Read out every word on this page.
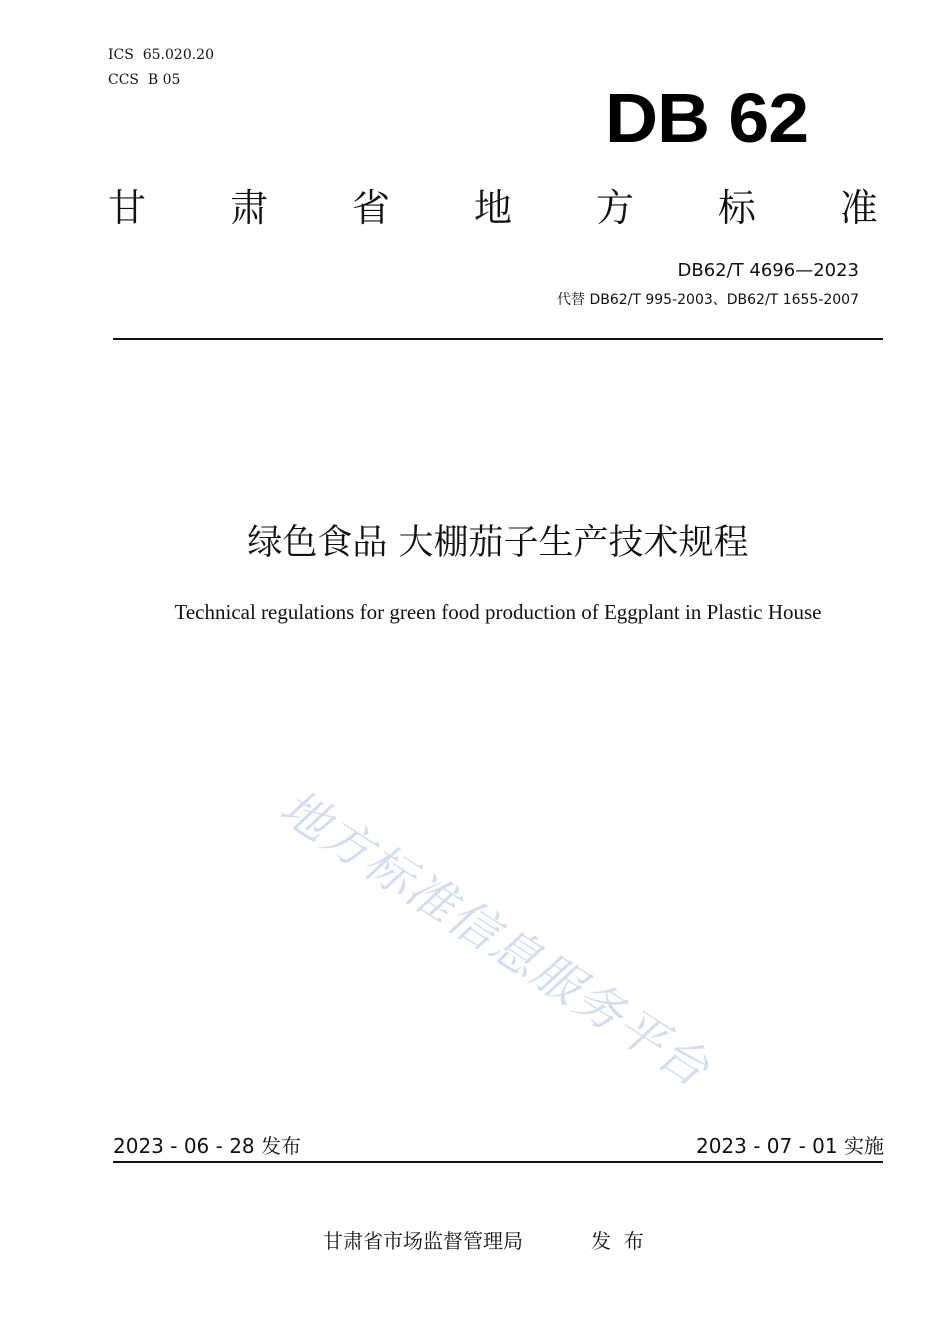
ICS  65.020.20
CCS  B 05	DB 62
甘 肃 省 地 方 标 准
DB62/T 4696—2023
代替 DB62/T 995-2003、DB62/T 1655-2007
绿色食品 大棚茄子生产技术规程
Technical regulations for green food production of Eggplant in Plastic House
地方标准信息服务平台
2023 - 06 - 28 发布	2023 - 07 - 01 实施
甘肃省市场监督管理局	发  布
